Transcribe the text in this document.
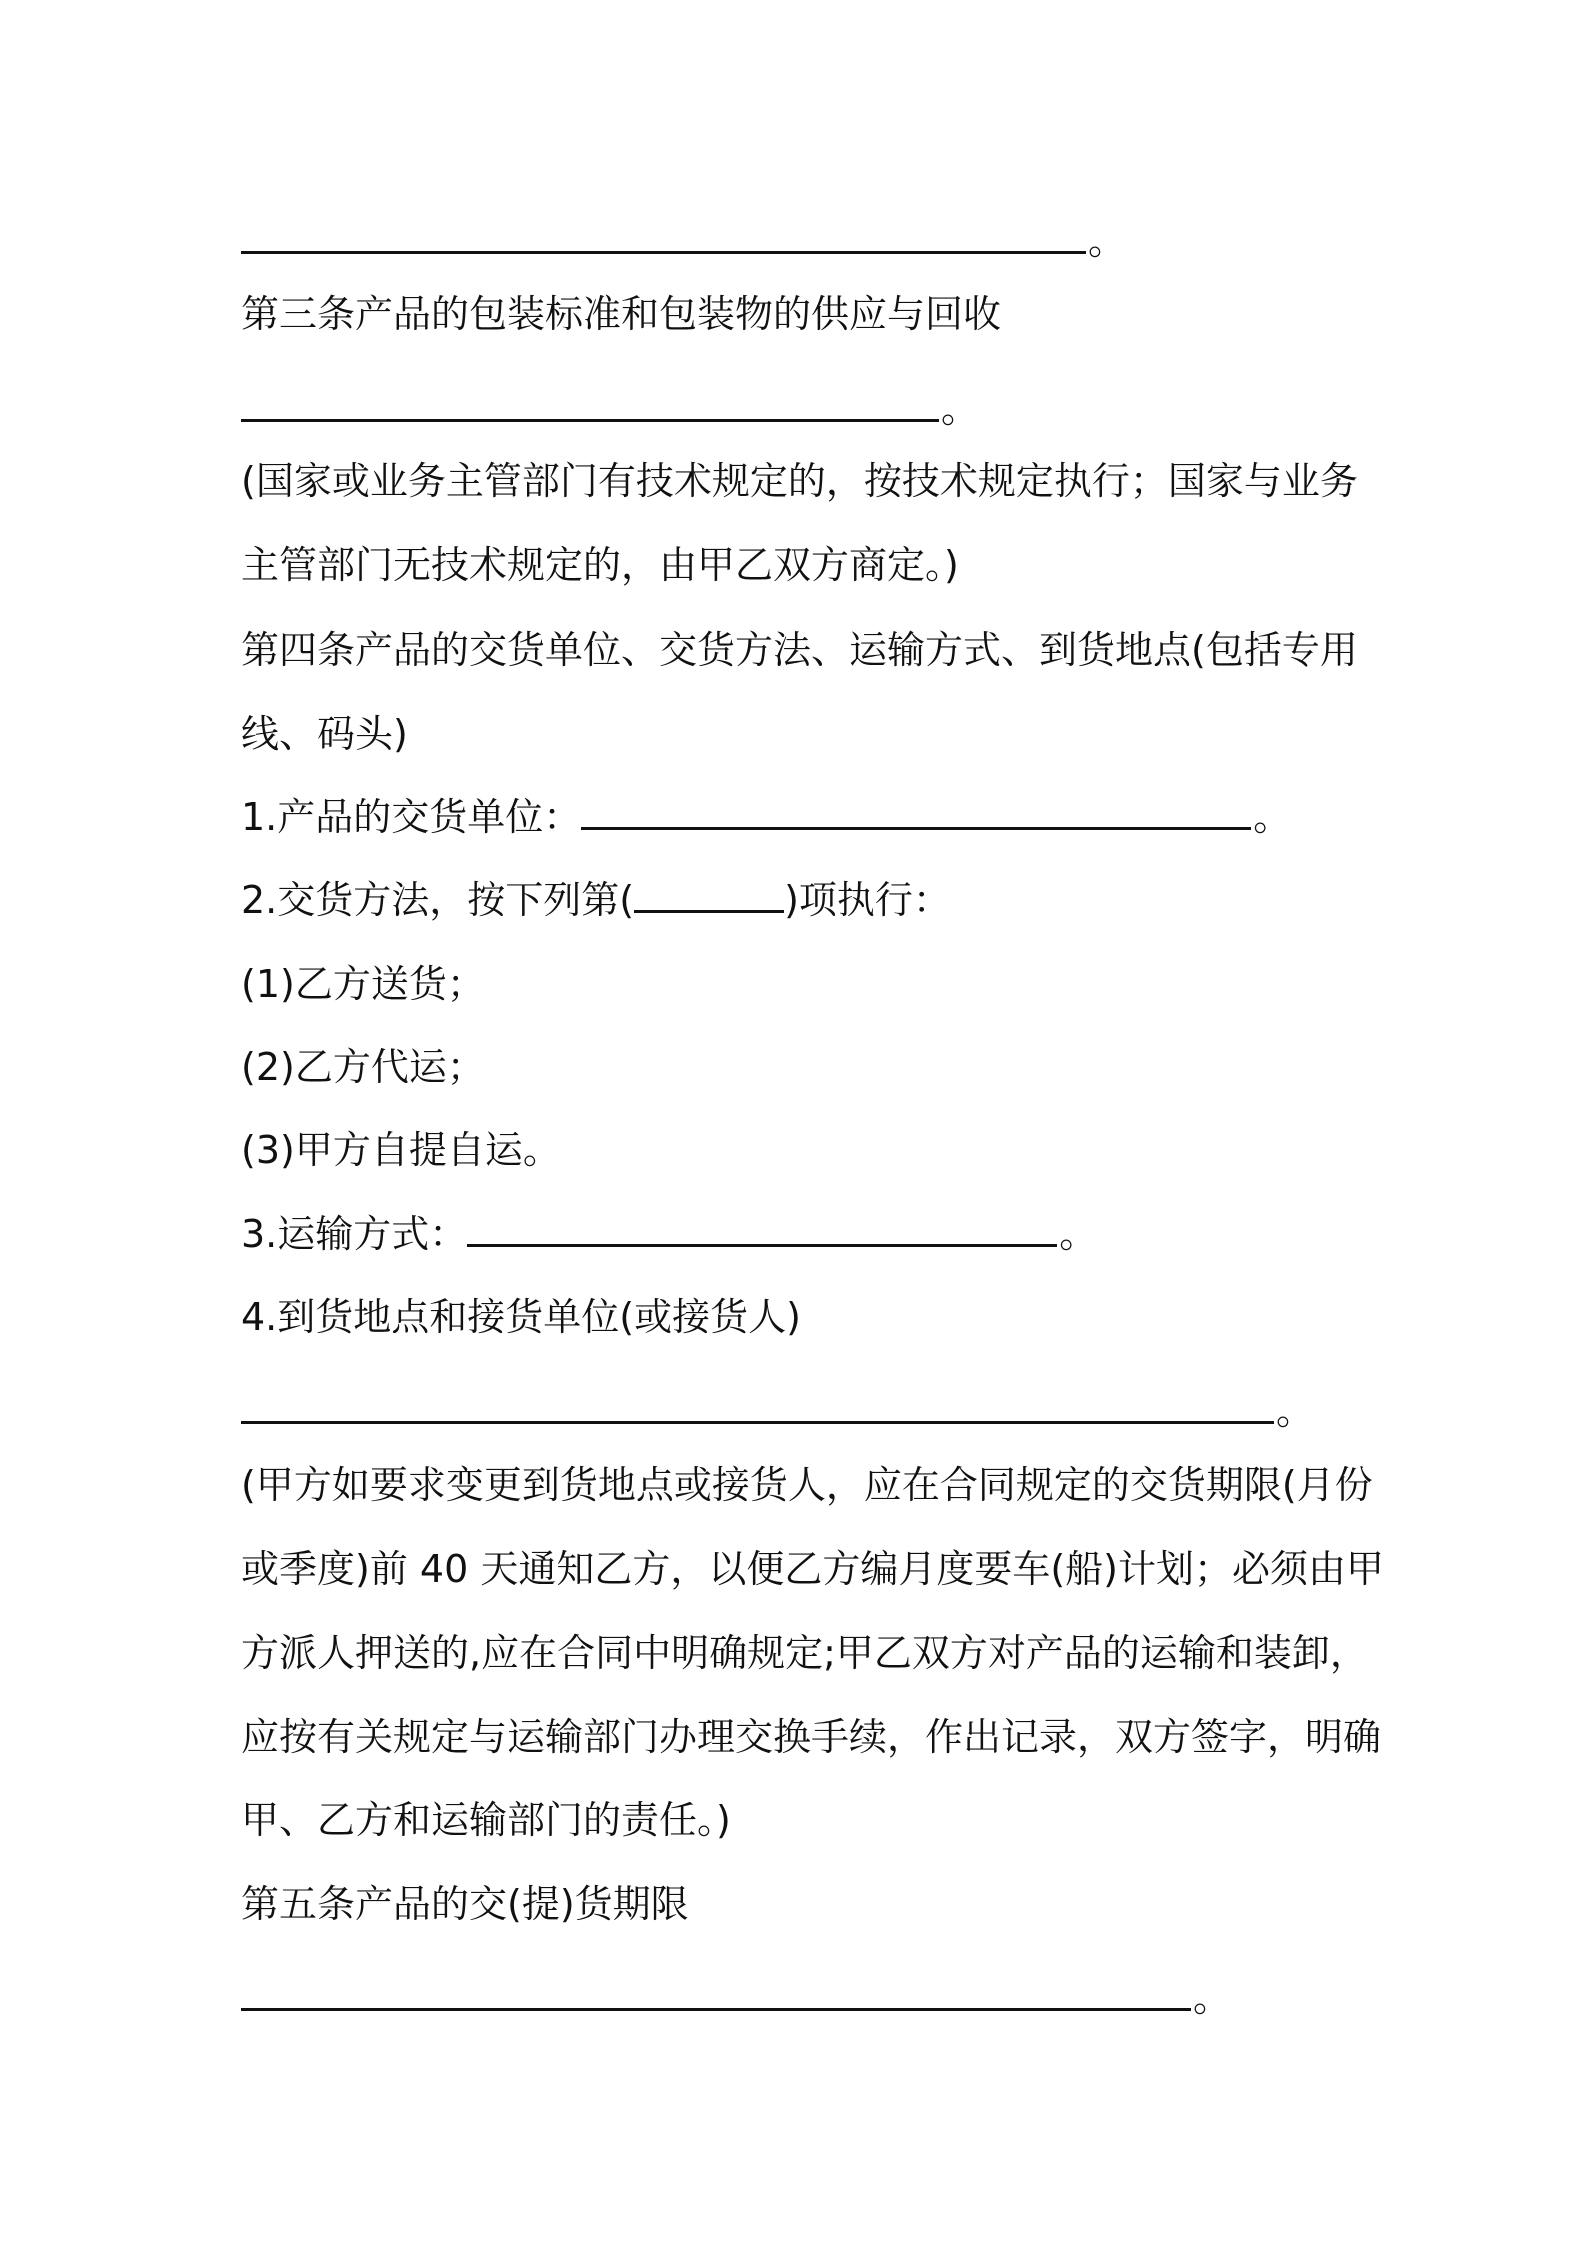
。
第三条产品的包装标准和包装物的供应与回收
。
(国家或业务主管部门有技术规定的，按技术规定执行；国家与业务
主管部门无技术规定的，由甲乙双方商定。)
第四条产品的交货单位、交货方法、运输方式、到货地点(包括专用
线、码头)
1.产品的交货单位：	。
2.交货方法，按下列第(	)项执行：
(1)乙方送货；
(2)乙方代运；
(3)甲方自提自运。
3.运输方式：	。
4.到货地点和接货单位(或接货人)
。
(甲方如要求变更到货地点或接货人，应在合同规定的交货期限(月份
或季度)前 40 天通知乙方，以便乙方编月度要车(船)计划；必须由甲
方派人押送的,应在合同中明确规定;甲乙双方对产品的运输和装卸，
应按有关规定与运输部门办理交换手续，作出记录，双方签字，明确
甲、乙方和运输部门的责任。)
第五条产品的交(提)货期限
。
